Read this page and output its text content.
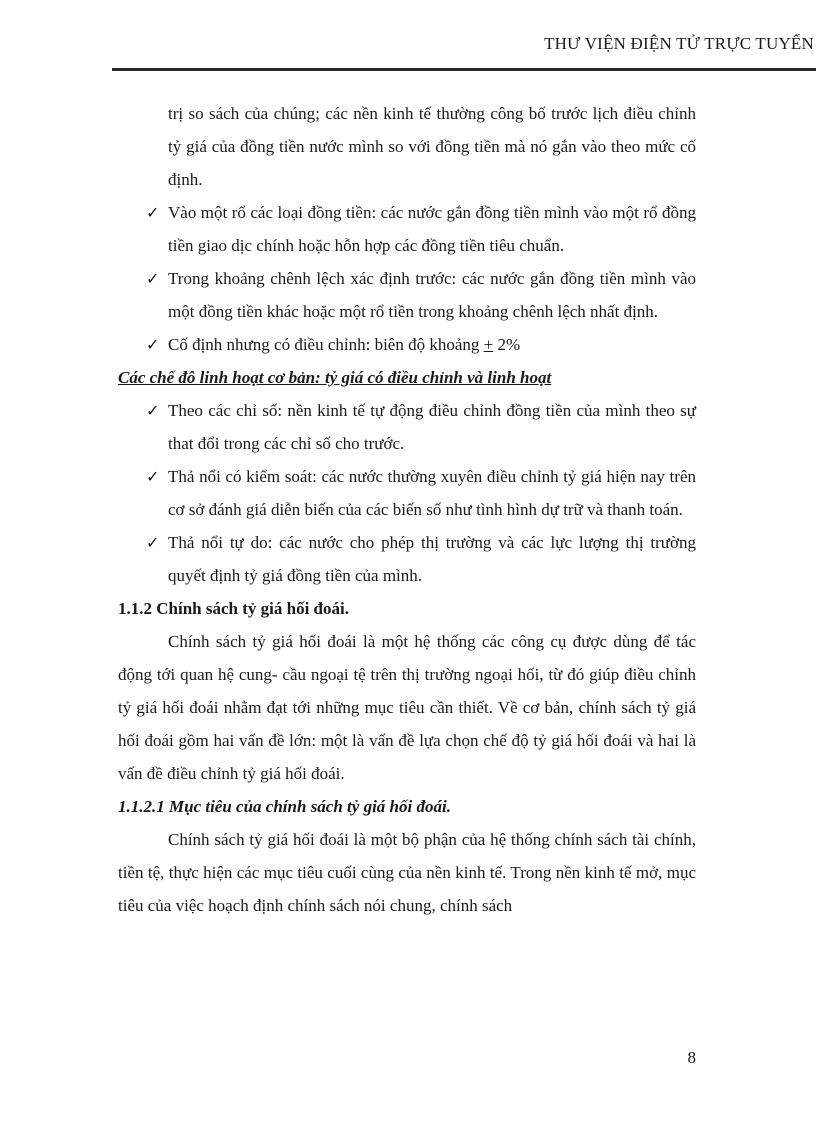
THƯ VIỆN ĐIỆN TỬ TRỰC TUYẾN

trị so sách của chúng; các nền kinh tế thường công bố trước lịch điều chỉnh tỷ giá của đồng tiền nước mình so với đồng tiền mà nó gắn vào theo mức cố định.

✓ Vào một rổ các loại đồng tiền: các nước gắn đồng tiền mình vào một rổ đồng tiền giao dịc chính hoặc hỗn hợp các đồng tiền tiêu chuẩn.

✓ Trong khoảng chênh lệch xác định trước: các nước gắn đồng tiền mình vào một đồng tiền khác hoặc một rổ tiền trong khoảng chênh lệch nhất định.

✓ Cố định nhưng có điều chỉnh: biên độ khoảng + 2%

Các chế đô linh hoạt cơ bản: tỷ giá có điều chỉnh và linh hoạt

✓ Theo các chỉ số: nền kinh tế tự động điều chỉnh đồng tiền của mình theo sự that đổi trong các chỉ số cho trước.

✓ Thả nổi có kiểm soát: các nước thường xuyên điều chỉnh tỷ giá hiện nay trên cơ sở đánh giá diễn biến của các biến số như tình hình dự trữ và thanh toán.

✓ Thả nổi tự do: các nước cho phép thị trường và các lực lượng thị trường quyết định tỷ giá đồng tiền của mình.

1.1.2 Chính sách tỷ giá hối đoái.

Chính sách tỷ giá hối đoái là một hệ thống các công cụ được dùng để tác động tới quan hệ cung- cầu ngoại tệ trên thị trường ngoại hối, từ đó giúp điều chỉnh tỷ giá hối đoái nhằm đạt tới những mục tiêu cần thiết. Về cơ bản, chính sách tỷ giá hối đoái gồm hai vấn đề lớn: một là vấn đề lựa chọn chế độ tỷ giá hối đoái và hai là vấn đề điều chỉnh tỷ giá hối đoái.

1.1.2.1 Mục tiêu của chính sách tỷ giá hối đoái.

Chính sách tỷ giá hối đoái là một bộ phận của hệ thống chính sách tài chính, tiền tệ, thực hiện các mục tiêu cuối cùng của nền kinh tế. Trong nền kinh tế mở, mục tiêu của việc hoạch định chính sách nói chung, chính sách

8
